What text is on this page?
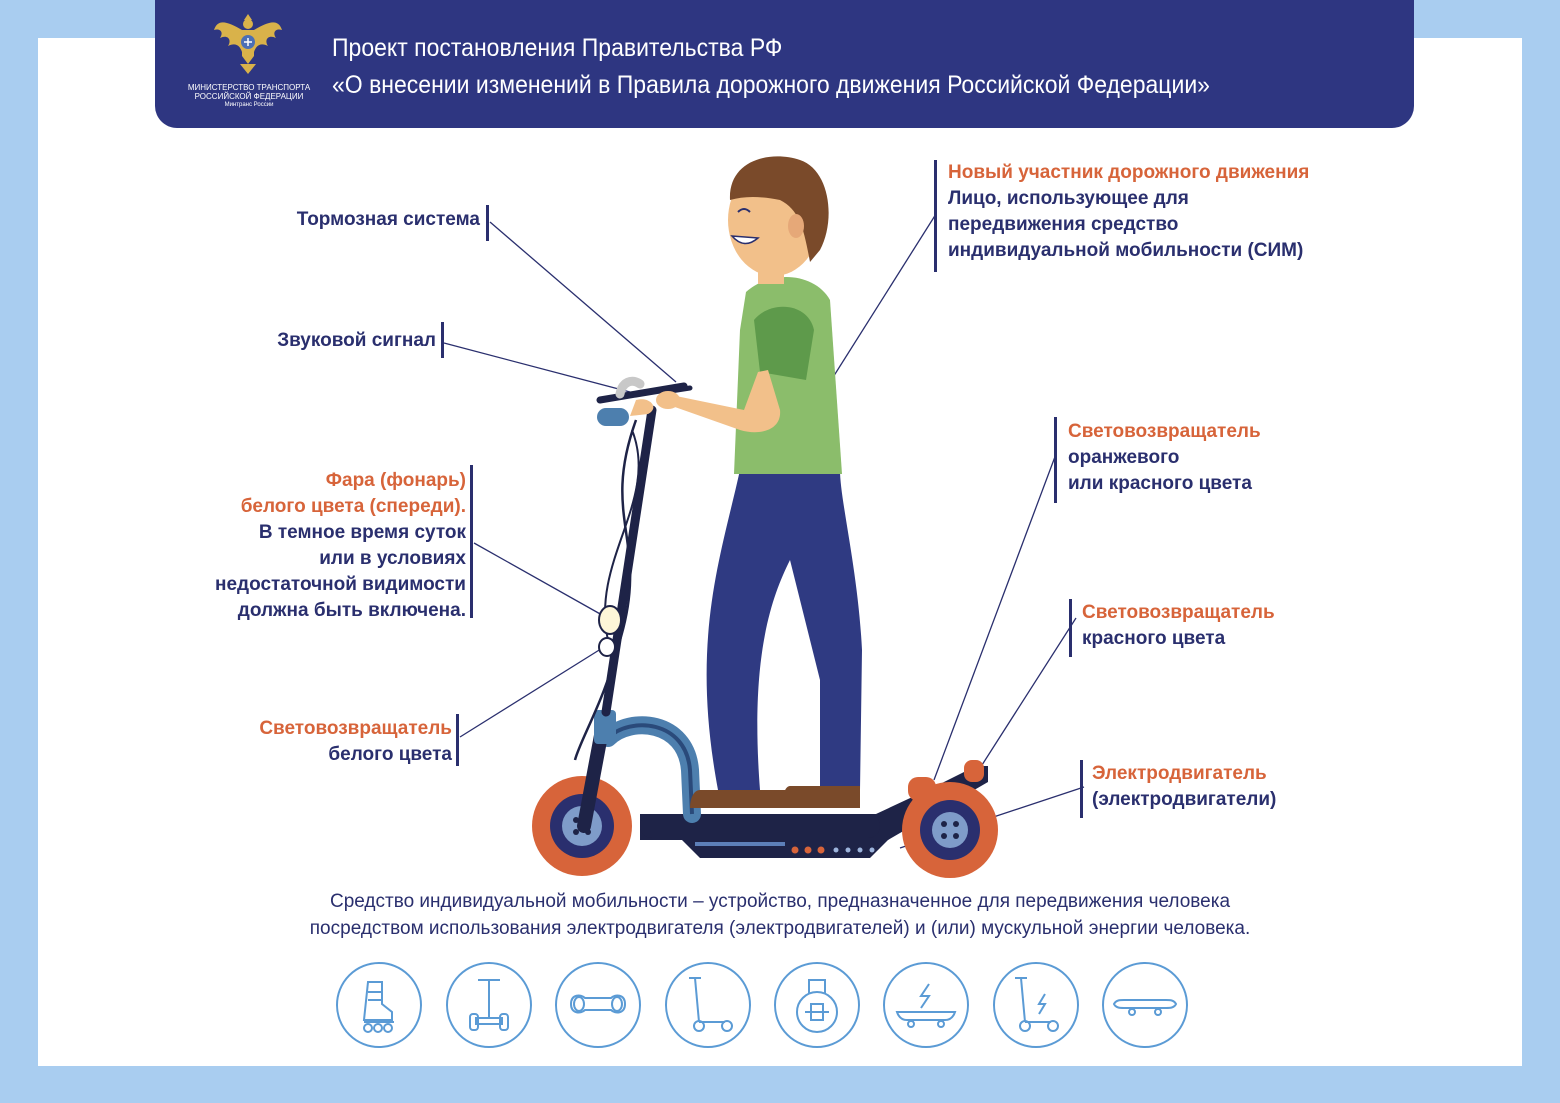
МИНИСТЕРСТВО ТРАНСПОРТА
РОССИЙСКОЙ ФЕДЕРАЦИИ
Минтранс России
Проект постановления Правительства РФ
«О внесении изменений в Правила дорожного движения Российской Федерации»
Тормозная система
Звуковой сигнал
Фара (фонарь)
белого цвета (спереди).
В темное время суток
или в условиях
недостаточной видимости
должна быть включена.
Световозвращатель
белого цвета
Новый участник дорожного движения
Лицо, использующее для
передвижения средство
индивидуальной мобильности (СИМ)
Световозвращатель
оранжевого
или красного цвета
Световозвращатель
красного цвета
Электродвигатель
(электродвигатели)
Средство индивидуальной мобильности – устройство, предназначенное для передвижения человека
посредством использования электродвигателя (электродвигателей) и (или) мускульной энергии человека.
